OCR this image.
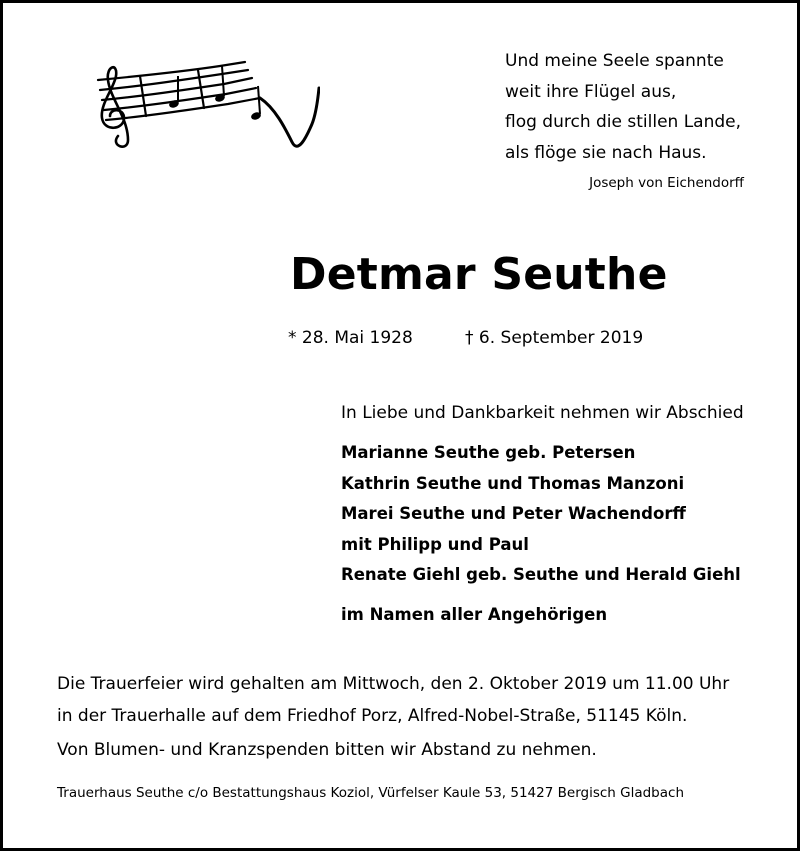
Und meine Seele spannte
weit ihre Flügel aus,
flog durch die stillen Lande,
als flöge sie nach Haus.
Joseph von Eichendorff
Detmar Seuthe
* 28. Mai 1928	† 6. September 2019
In Liebe und Dankbarkeit nehmen wir Abschied
Marianne Seuthe geb. Petersen
Kathrin Seuthe und Thomas Manzoni
Marei Seuthe und Peter Wachendorff
mit Philipp und Paul
Renate Giehl geb. Seuthe und Herald Giehl
im Namen aller Angehörigen
Die Trauerfeier wird gehalten am Mittwoch, den 2. Oktober 2019 um 11.00 Uhr
in der Trauerhalle auf dem Friedhof Porz, Alfred-Nobel-Straße, 51145 Köln.
Von Blumen- und Kranzspenden bitten wir Abstand zu nehmen.
Trauerhaus Seuthe c/o Bestattungshaus Koziol, Vürfelser Kaule 53, 51427 Bergisch Gladbach
